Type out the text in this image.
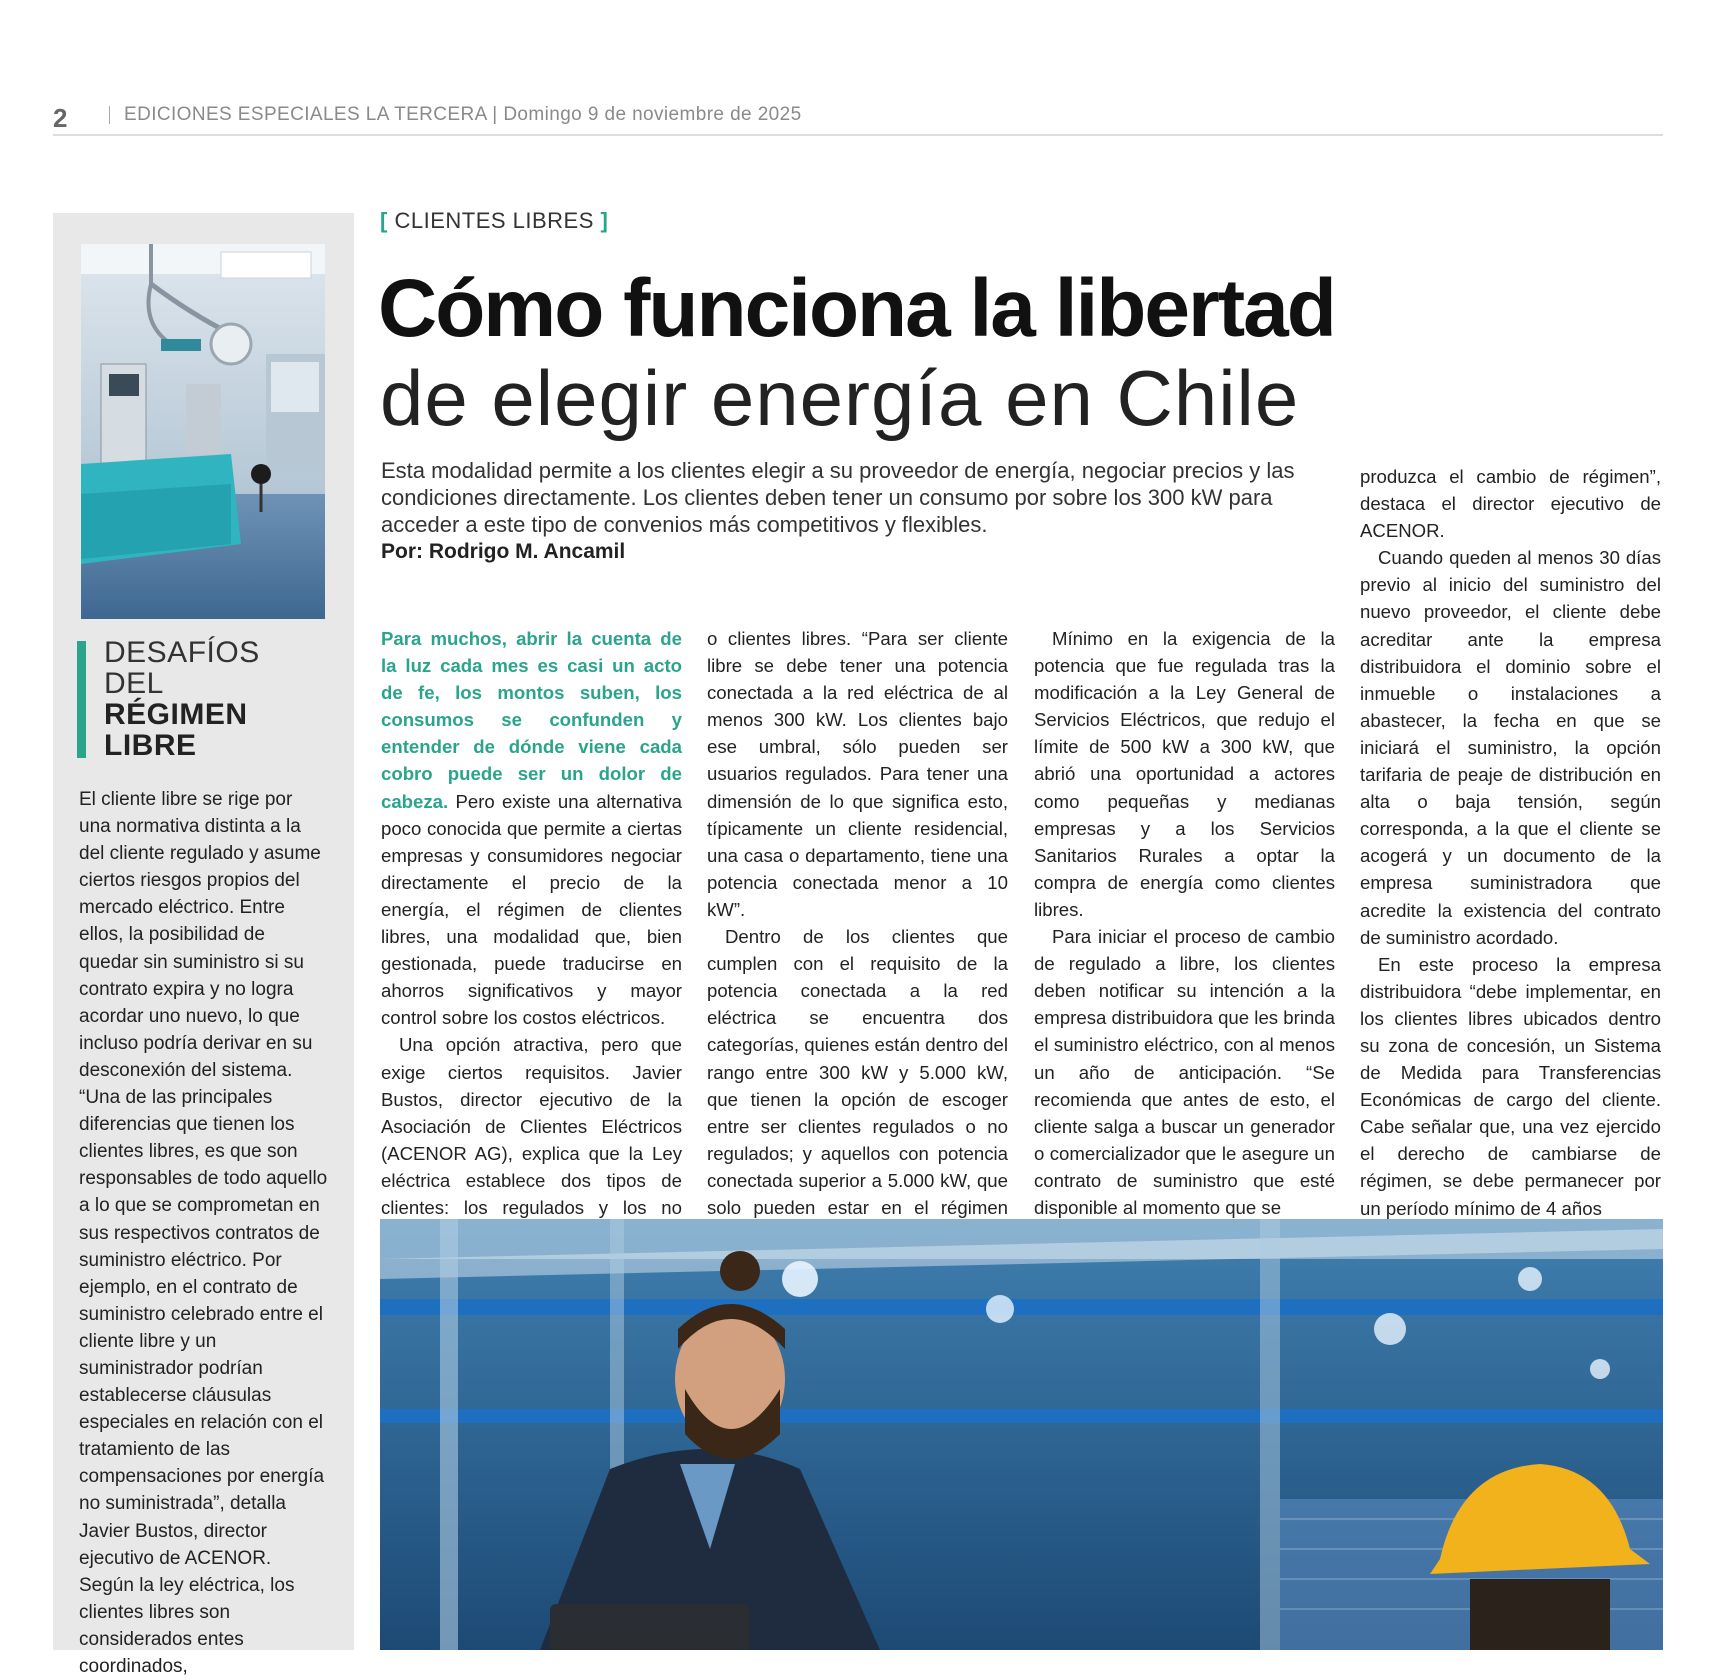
2	EDICIONES ESPECIALES LA TERCERA | Domingo 9 de noviembre de 2025
DESAFÍOS
DEL
RÉGIMEN
LIBRE
El cliente libre se rige por una normativa distinta a la del cliente regulado y asume ciertos riesgos propios del mercado eléctrico. Entre ellos, la posibilidad de quedar sin suministro si su contrato expira y no logra acordar uno nuevo, lo que incluso podría derivar en su desconexión del sistema. “Una de las principales diferencias que tienen los clientes libres, es que son responsables de todo aquello a lo que se comprometan en sus respectivos contratos de suministro eléctrico. Por ejemplo, en el contrato de suministro celebrado entre el cliente libre y un suministrador podrían establecerse cláusulas especiales en relación con el tratamiento de las compensaciones por energía no suministrada”, detalla Javier Bustos, director ejecutivo de ACENOR. Según la ley eléctrica, los clientes libres son considerados entes coordinados,
[ CLIENTES LIBRES ]
Cómo funciona la libertad
de elegir energía en Chile
Esta modalidad permite a los clientes elegir a su proveedor de energía, negociar precios y las condiciones directamente. Los clientes deben tener un consumo por sobre los 300 kW para acceder a este tipo de convenios más competitivos y flexibles.
Por: Rodrigo M. Ancamil

Para muchos, abrir la cuenta de la luz cada mes es casi un acto de fe, los montos suben, los consumos se confunden y entender de dónde viene cada cobro puede ser un dolor de cabeza. Pero existe una alternativa poco conocida que permite a ciertas empresas y consumidores negociar directamente el precio de la energía, el régimen de clientes libres, una modalidad que, bien gestionada, puede traducirse en ahorros significativos y mayor control sobre los costos eléctricos.

Una opción atractiva, pero que exige ciertos requisitos. Javier Bustos, director ejecutivo de la Asociación de Clientes Eléctricos (ACENOR AG), explica que la Ley eléctrica establece dos tipos de clientes: los regulados y los no

o clientes libres. “Para ser cliente libre se debe tener una potencia conectada a la red eléctrica de al menos 300 kW. Los clientes bajo ese umbral, sólo pueden ser usuarios regulados. Para tener una dimensión de lo que significa esto, típicamente un cliente residencial, una casa o departamento, tiene una potencia conectada menor a 10 kW”.

Dentro de los clientes que cumplen con el requisito de la potencia conectada a la red eléctrica se encuentra dos categorías, quienes están dentro del rango entre 300 kW y 5.000 kW, que tienen la opción de escoger entre ser clientes regulados o no regulados; y aquellos con potencia conectada superior a 5.000 kW, que solo pueden estar en el régimen

Mínimo en la exigencia de la potencia que fue regulada tras la modificación a la Ley General de Servicios Eléctricos, que redujo el límite de 500 kW a 300 kW, que abrió una oportunidad a actores como pequeñas y medianas empresas y a los Servicios Sanitarios Rurales a optar la compra de energía como clientes libres.

Para iniciar el proceso de cambio de regulado a libre, los clientes deben notificar su intención a la empresa distribuidora que les brinda el suministro eléctrico, con al menos un año de anticipación. “Se recomienda que antes de esto, el cliente salga a buscar un generador o comercializador que le asegure un contrato de suministro que esté disponible al momento que se

produzca el cambio de régimen”, destaca el director ejecutivo de ACENOR.

Cuando queden al menos 30 días previo al inicio del suministro del nuevo proveedor, el cliente debe acreditar ante la empresa distribuidora el dominio sobre el inmueble o instalaciones a abastecer, la fecha en que se iniciará el suministro, la opción tarifaria de peaje de distribución en alta o baja tensión, según corresponda, a la que el cliente se acogerá y un documento de la empresa suministradora que acredite la existencia del contrato de suministro acordado.

En este proceso la empresa distribuidora “debe implementar, en los clientes libres ubicados dentro su zona de concesión, un Sistema de Medida para Transferencias Económicas de cargo del cliente. Cabe señalar que, una vez ejercido el derecho de cambiarse de régimen, se debe permanecer por un período mínimo de 4 años
